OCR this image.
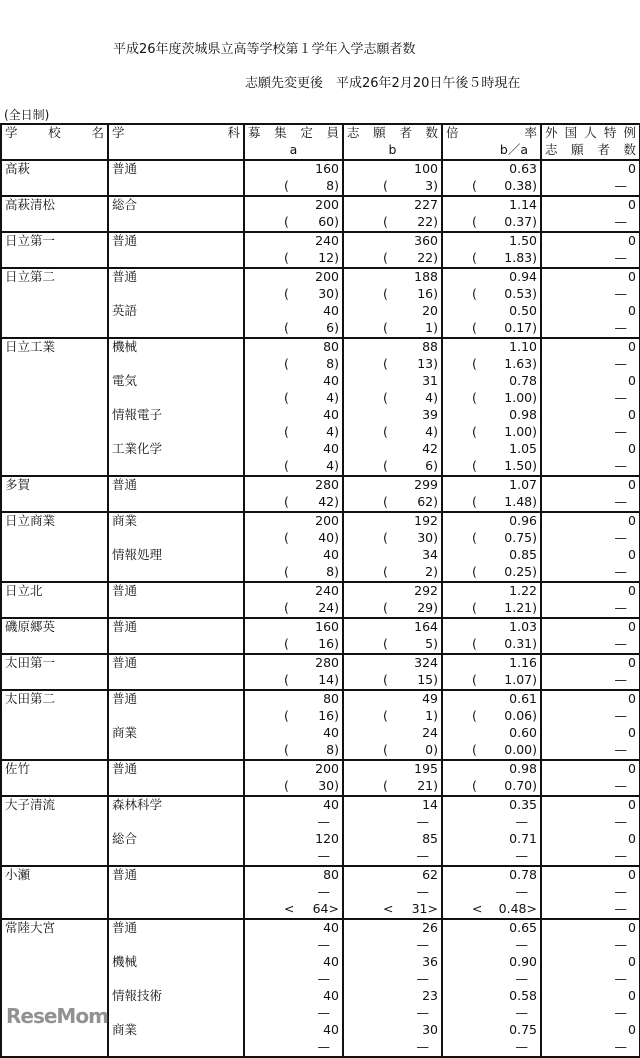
平成26年度茨城県立高等学校第１学年入学志願者数
志願先変更後　平成26年2月20日午後５時現在
(全日制)
学 校 名	学 科	募 集 定 員	志 願 者 数	倍 率	外 国 人 特 例

		a	b	b／a	志 願 者 数

高萩	普通	160	100	0.63	0

		( 8)	( 3)	( 0.38)	—
高萩清松	総合	200	227	1.14	0

		( 60)	( 22)	( 0.37)	—
日立第一	普通	240	360	1.50	0

		( 12)	( 22)	( 1.83)	—
日立第二	普通	200	188	0.94	0

		( 30)	( 16)	( 0.53)	—
	英語	40	20	0.50	0

		( 6)	( 1)	( 0.17)	—
日立工業	機械	80	88	1.10	0

		( 8)	( 13)	( 1.63)	—
	電気	40	31	0.78	0

		( 4)	( 4)	( 1.00)	—
	情報電子	40	39	0.98	0

		( 4)	( 4)	( 1.00)	—
	工業化学	40	42	1.05	0

		( 4)	( 6)	( 1.50)	—
多賀	普通	280	299	1.07	0

		( 42)	( 62)	( 1.48)	—
日立商業	商業	200	192	0.96	0

		( 40)	( 30)	( 0.75)	—
	情報処理	40	34	0.85	0

		( 8)	( 2)	( 0.25)	—
日立北	普通	240	292	1.22	0

		( 24)	( 29)	( 1.21)	—
磯原郷英	普通	160	164	1.03	0

		( 16)	( 5)	( 0.31)	—
太田第一	普通	280	324	1.16	0

		( 14)	( 15)	( 1.07)	—
太田第二	普通	80	49	0.61	0

		( 16)	( 1)	( 0.06)	—
	商業	40	24	0.60	0

		( 8)	( 0)	( 0.00)	—
佐竹	普通	200	195	0.98	0

		( 30)	( 21)	( 0.70)	—
大子清流	森林科学	40	14	0.35	0
		—	—	—	—
	総合	120	85	0.71	0
		—	—	—	—
小瀬	普通	80	62	0.78	0
		—	—	—	—

		< 64>	< 31>	< 0.48>	—
常陸大宮	普通	40	26	0.65	0
		—	—	—	—
	機械	40	36	0.90	0
		—	—	—	—
	情報技術	40	23	0.58	0
		—	—	—	—
	商業	40	30	0.75	0
		—	—	—	—
ReseMom
